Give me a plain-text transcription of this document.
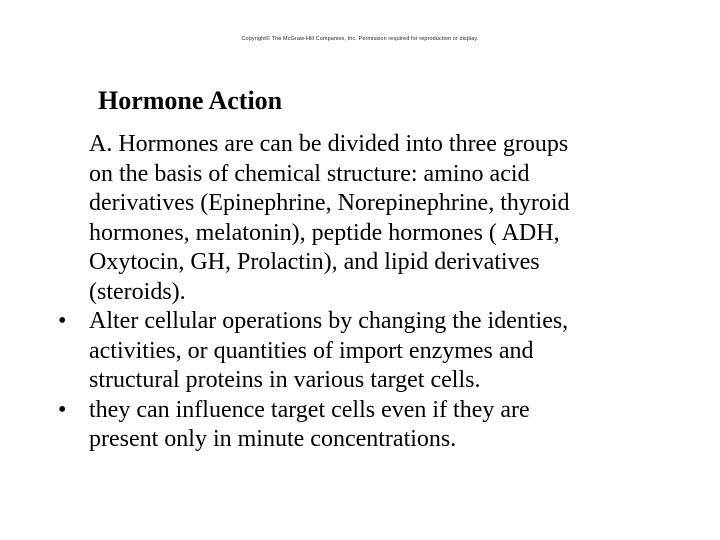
Copyright© The McGraw-Hill Companies, Inc. Permission required for reproduction or display.
Hormone Action
A. Hormones are can be divided into three groups
on the basis of chemical structure: amino acid
derivatives (Epinephrine, Norepinephrine, thyroid
hormones, melatonin), peptide hormones ( ADH,
Oxytocin, GH, Prolactin), and lipid derivatives
(steroids).
• Alter cellular operations by changing the identies,
activities, or quantities of import enzymes and
structural proteins in various target cells.
• they can influence target cells even if they are
present only in minute concentrations.
